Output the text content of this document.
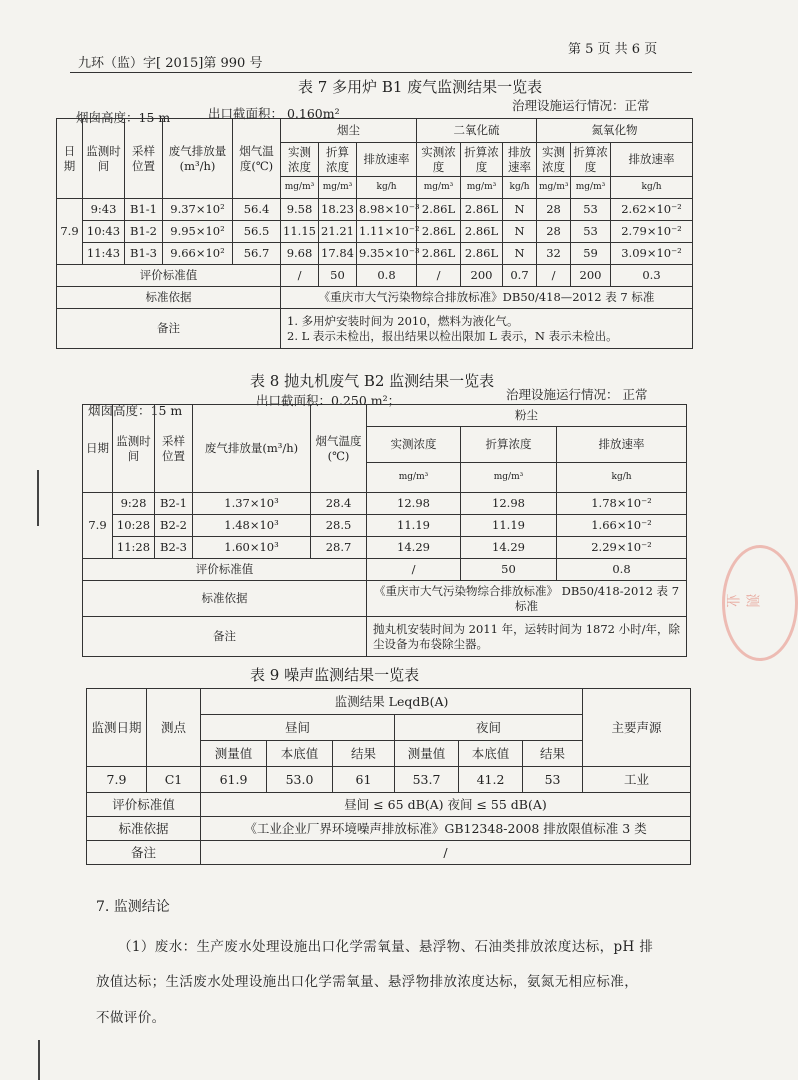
第 5 页 共 6 页
九环（监）字[ 2015]第 990 号
表 7 多用炉 B1 废气监测结果一览表
烟囱高度：15 m	出口截面积： 0.160m²
治理设施运行情况：正常
日期	监测时间	采样位置	废气排放量(m³/h)	烟气温度(℃)	烟尘			二氧化硫			氮氧化物		
					实测浓度	折算浓度	排放速率	实测浓度	折算浓度	排放速率	实测浓度	折算浓度	排放速率
					mg/m³	mg/m³	kg/h	mg/m³	mg/m³	kg/h	mg/m³	mg/m³	kg/h
7.9	9:43	B1-1	9.37×10²	56.4	9.58	18.23	8.98×10⁻³	2.86L	2.86L	N	28	53	2.62×10⁻²
	10:43	B1-2	9.95×10²	56.5	11.15	21.21	1.11×10⁻²	2.86L	2.86L	N	28	53	2.79×10⁻²
	11:43	B1-3	9.66×10²	56.7	9.68	17.84	9.35×10⁻³	2.86L	2.86L	N	32	59	3.09×10⁻²
评价标准值					/	50	0.8	/	200	0.7	/	200	0.3
标准依据					《重庆市大气污染物综合排放标准》DB50/418—2012 表 7 标准								
备注					1. 多用炉安装时间为 2010，燃料为液化气。
2. L 表示未检出，报出结果以检出限加 L 表示，N 表示未检出。								
表 8 抛丸机废气 B2 监测结果一览表
烟囱高度：15 m
出口截面积：0.250 m²；	治理设施运行情况： 正常
日期	监测时间	采样位置	废气排放量(m³/h)	烟气温度(℃)	粉尘		
					实测浓度	折算浓度	排放速率
					mg/m³	mg/m³	kg/h
7.9	9:28	B2-1	1.37×10³	28.4	12.98	12.98	1.78×10⁻²
	10:28	B2-2	1.48×10³	28.5	11.19	11.19	1.66×10⁻²
	11:28	B2-3	1.60×10³	28.7	14.29	14.29	2.29×10⁻²
评价标准值					/	50	0.8
标准依据					《重庆市大气污染物综合排放标准》 DB50/418-2012 表 7 标准		
备注					抛丸机安装时间为 2011 年，运转时间为 1872 小时/年，除尘设备为布袋除尘器。		
表 9 噪声监测结果一览表
监测日期	测点	监测结果 LeqdB(A)						主要声源
		昼间			夜间			
		测量值	本底值	结果	测量值	本底值	结果	
7.9	C1	61.9	53.0	61	53.7	41.2	53	工业
评价标准值		昼间 ≤ 65 dB(A) 夜间 ≤ 55 dB(A)						
标准依据		《工业企业厂界环境噪声排放标准》GB12348-2008 排放限值标准 3 类						
备注		/						
7. 监测结论
（1）废水：生产废水处理设施出口化学需氧量、悬浮物、石油类排放浓度达标，pH 排
放值达标；生活废水处理设施出口化学需氧量、悬浮物排放浓度达标，氨氮无相应标准，
不做评价。
测业
